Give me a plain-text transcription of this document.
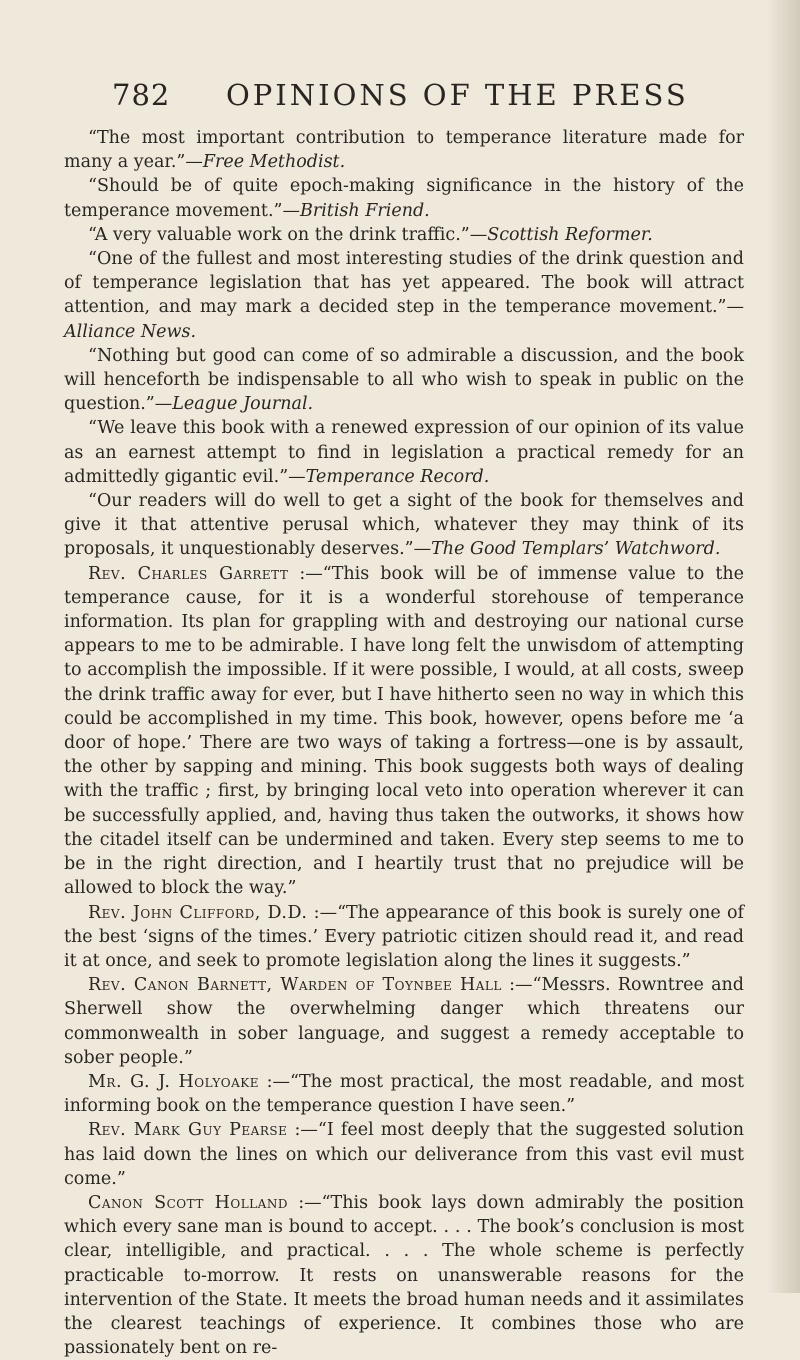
782 OPINIONS OF THE PRESS

“The most important contribution to temperance literature made for many a year.”—Free Methodist.

“Should be of quite epoch-making significance in the history of the temperance movement.”—British Friend.

“A very valuable work on the drink traffic.”—Scottish Reformer.

“One of the fullest and most interesting studies of the drink question and of temperance legislation that has yet appeared. The book will attract attention, and may mark a decided step in the temperance movement.”—Alliance News.

“Nothing but good can come of so admirable a discussion, and the book will henceforth be indispensable to all who wish to speak in public on the question.”—League Journal.

“We leave this book with a renewed expression of our opinion of its value as an earnest attempt to find in legislation a practical remedy for an admittedly gigantic evil.”—Temperance Record.

“Our readers will do well to get a sight of the book for themselves and give it that attentive perusal which, whatever they may think of its proposals, it unquestionably deserves.”—The Good Templars’ Watchword.

Rev. Charles Garrett :—“This book will be of immense value to the temperance cause, for it is a wonderful storehouse of temperance information. Its plan for grappling with and destroying our national curse appears to me to be admirable. I have long felt the unwisdom of attempting to accomplish the impossible. If it were possible, I would, at all costs, sweep the drink traffic away for ever, but I have hitherto seen no way in which this could be accomplished in my time. This book, however, opens before me ‘a door of hope.’ There are two ways of taking a fortress—one is by assault, the other by sapping and mining. This book suggests both ways of dealing with the traffic ; first, by bringing local veto into operation wherever it can be successfully applied, and, having thus taken the outworks, it shows how the citadel itself can be undermined and taken. Every step seems to me to be in the right direction, and I heartily trust that no prejudice will be allowed to block the way.”

Rev. John Clifford, D.D. :—“The appearance of this book is surely one of the best ‘signs of the times.’ Every patriotic citizen should read it, and read it at once, and seek to promote legislation along the lines it suggests.”

Rev. Canon Barnett, Warden of Toynbee Hall :—“Messrs. Rowntree and Sherwell show the overwhelming danger which threatens our commonwealth in sober language, and suggest a remedy acceptable to sober people.”

Mr. G. J. Holyoake :—“The most practical, the most readable, and most informing book on the temperance question I have seen.”

Rev. Mark Guy Pearse :—“I feel most deeply that the suggested solution has laid down the lines on which our deliverance from this vast evil must come.”

Canon Scott Holland :—“This book lays down admirably the position which every sane man is bound to accept. . . . The book’s conclusion is most clear, intelligible, and practical. . . . The whole scheme is perfectly practicable to-morrow. It rests on unanswerable reasons for the intervention of the State. It meets the broad human needs and it assimilates the clearest teachings of experience. It combines those who are passionately bent on re-
